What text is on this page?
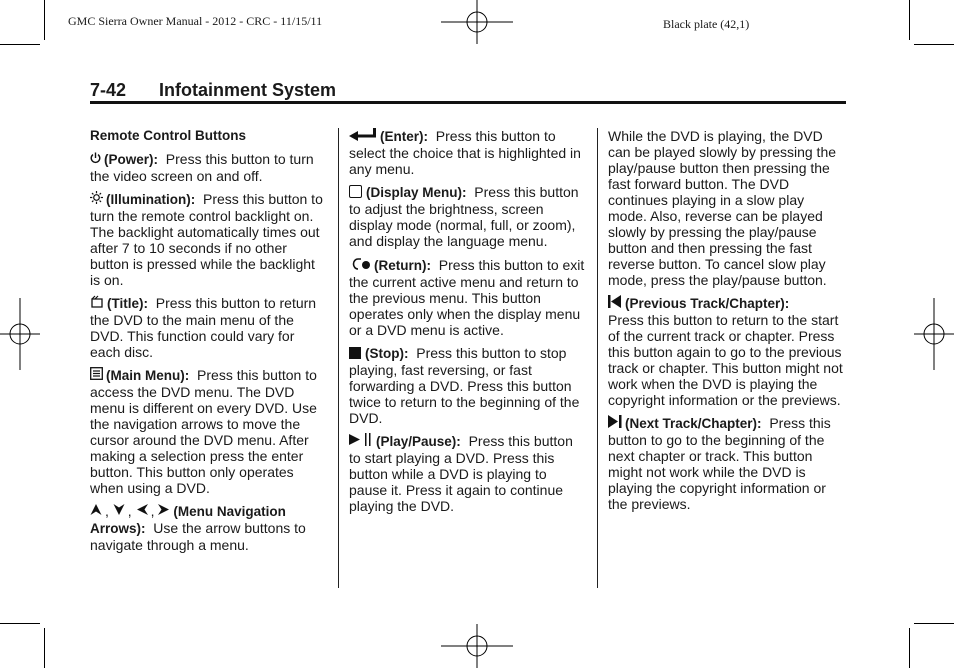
GMC Sierra Owner Manual - 2012 - CRC - 11/15/11	Black plate (42,1)
7-42 Infotainment System
Remote Control Buttons
(Power): Press this button to turn the video screen on and off.
(Illumination): Press this button to turn the remote control backlight on. The backlight automatically times out after 7 to 10 seconds if no other button is pressed while the backlight is on.
(Title): Press this button to return the DVD to the main menu of the DVD. This function could vary for each disc.
(Main Menu): Press this button to access the DVD menu. The DVD menu is different on every DVD. Use the navigation arrows to move the cursor around the DVD menu. After making a selection press the enter button. This button only operates when using a DVD.
, , , (Menu Navigation Arrows): Use the arrow buttons to navigate through a menu.
(Enter): Press this button to select the choice that is highlighted in any menu.
(Display Menu): Press this button to adjust the brightness, screen display mode (normal, full, or zoom), and display the language menu.
(Return): Press this button to exit the current active menu and return to the previous menu. This button operates only when the display menu or a DVD menu is active.
(Stop): Press this button to stop playing, fast reversing, or fast forwarding a DVD. Press this button twice to return to the beginning of the DVD.
(Play/Pause): Press this button to start playing a DVD. Press this button while a DVD is playing to pause it. Press it again to continue playing the DVD.
While the DVD is playing, the DVD can be played slowly by pressing the play/pause button then pressing the fast forward button. The DVD continues playing in a slow play mode. Also, reverse can be played slowly by pressing the play/pause button and then pressing the fast reverse button. To cancel slow play mode, press the play/pause button.
(Previous Track/Chapter):
Press this button to return to the start of the current track or chapter. Press this button again to go to the previous track or chapter. This button might not work when the DVD is playing the copyright information or the previews.
(Next Track/Chapter): Press this button to go to the beginning of the next chapter or track. This button might not work while the DVD is playing the copyright information or the previews.
